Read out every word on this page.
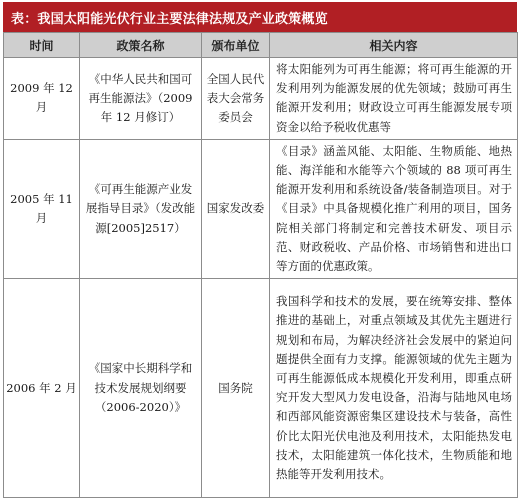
表：我国太阳能光伏行业主要法律法规及产业政策概览
时间	政策名称	颁布单位	相关内容
2009 年 12 月	《中华人民共和国可再生能源法》（2009 年 12 月修订）	全国人民代表大会常务委员会	将太阳能列为可再生能源；将可再生能源的开发利用列为能源发展的优先领域；鼓励可再生能源开发利用；财政设立可再生能源发展专项资金以给予税收优惠等
2005 年 11 月	《可再生能源产业发展指导目录》（发改能源[2005]2517）	国家发改委	《目录》涵盖风能、太阳能、生物质能、地热能、海洋能和水能等六个领域的 88 项可再生能源开发利用和系统设备/装备制造项目。对于《目录》中具备规模化推广利用的项目，国务院相关部门将制定和完善技术研发、项目示范、财政税收、产品价格、市场销售和进出口等方面的优惠政策。
2006 年 2 月	《国家中长期科学和技术发展规划纲要（2006-2020）》	国务院	我国科学和技术的发展，要在统筹安排、整体推进的基础上，对重点领域及其优先主题进行规划和布局，为解决经济社会发展中的紧迫问题提供全面有力支撑。能源领域的优先主题为可再生能源低成本规模化开发利用，即重点研究开发大型风力发电设备，沿海与陆地风电场和西部风能资源密集区建设技术与装备，高性价比太阳光伏电池及利用技术，太阳能热发电技术，太阳能建筑一体化技术，生物质能和地热能等开发利用技术。
